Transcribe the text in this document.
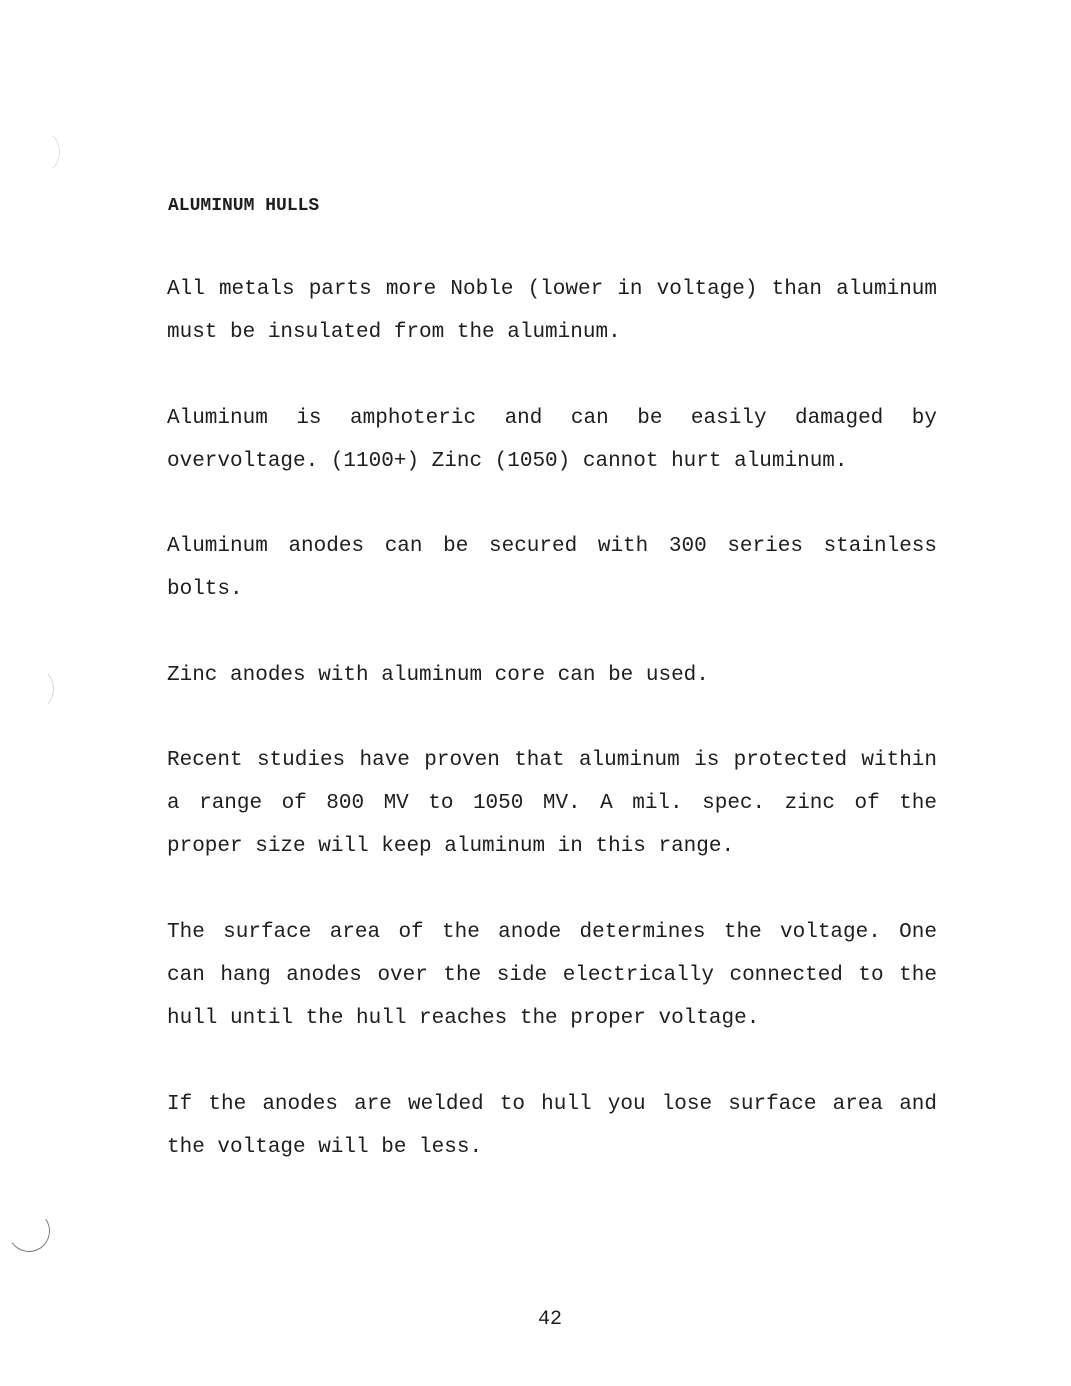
ALUMINUM HULLS

All metals parts more Noble (lower in voltage) than aluminum
must be insulated from the aluminum.

Aluminum is amphoteric and can be easily damaged by
overvoltage. (1100+) Zinc (1050) cannot hurt aluminum.

Aluminum anodes can be secured with 300 series stainless
bolts.

Zinc anodes with aluminum core can be used.

Recent studies have proven that aluminum is protected within
a range of 800 MV to 1050 MV. A mil. spec. zinc of the
proper size will keep aluminum in this range.

The surface area of the anode determines the voltage. One
can hang anodes over the side electrically connected to the
hull until the hull reaches the proper voltage.

If the anodes are welded to hull you lose surface area and
the voltage will be less.

42
